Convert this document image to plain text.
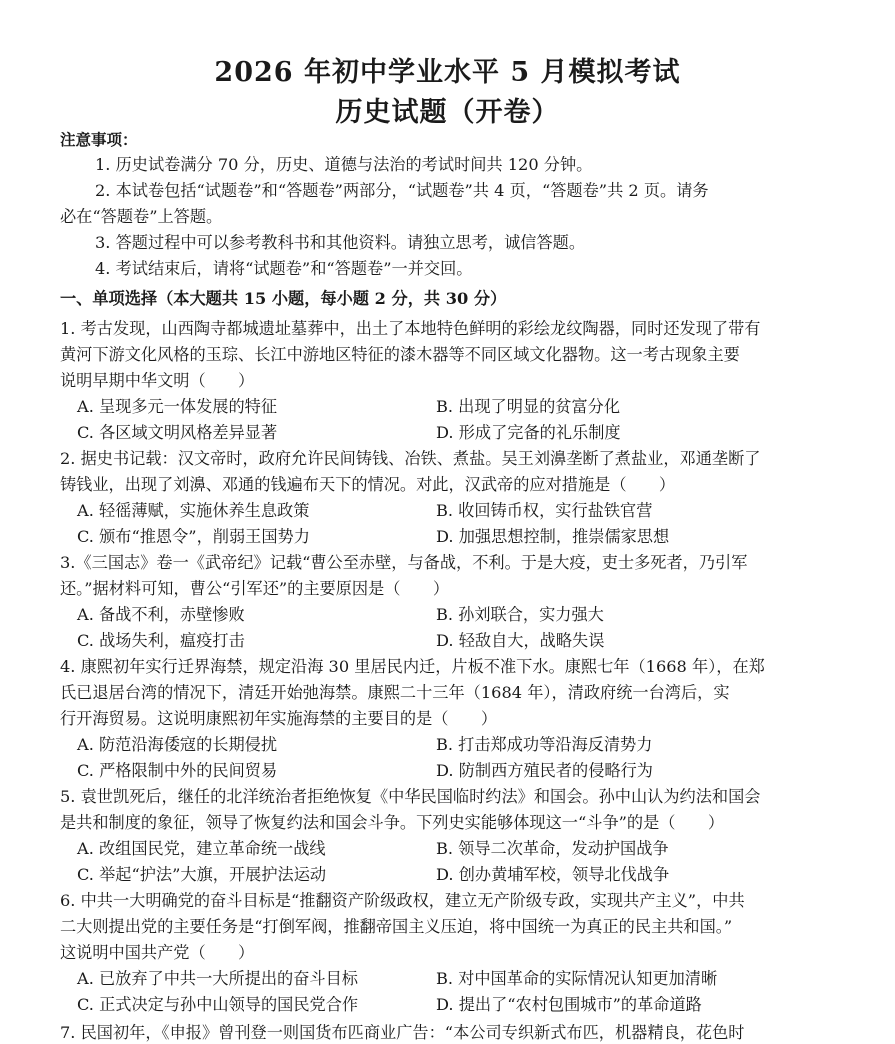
2026 年初中学业水平 5 月模拟考试
历史试题（开卷）
注意事项：
1. 历史试卷满分 70 分，历史、道德与法治的考试时间共 120 分钟。
2. 本试卷包括“试题卷”和“答题卷”两部分，“试题卷”共 4 页，“答题卷”共 2 页。请务
必在“答题卷”上答题。
3. 答题过程中可以参考教科书和其他资料。请独立思考，诚信答题。
4. 考试结束后，请将“试题卷”和“答题卷”一并交回。
一、单项选择（本大题共 15 小题，每小题 2 分，共 30 分）
1. 考古发现，山西陶寺都城遗址墓葬中，出土了本地特色鲜明的彩绘龙纹陶器，同时还发现了带有
黄河下游文化风格的玉琮、长江中游地区特征的漆木器等不同区域文化器物。这一考古现象主要
说明早期中华文明（　　）
A. 呈现多元一体发展的特征	B. 出现了明显的贫富分化
C. 各区域文明风格差异显著	D. 形成了完备的礼乐制度
2. 据史书记载：汉文帝时，政府允许民间铸钱、冶铁、煮盐。吴王刘濞垄断了煮盐业，邓通垄断了
铸钱业，出现了刘濞、邓通的钱遍布天下的情况。对此，汉武帝的应对措施是（　　）
A. 轻徭薄赋，实施休养生息政策	B. 收回铸币权，实行盐铁官营
C. 颁布“推恩令”，削弱王国势力	D. 加强思想控制，推崇儒家思想
3.《三国志》卷一《武帝纪》记载“曹公至赤壁，与备战，不利。于是大疫，吏士多死者，乃引军
还。”据材料可知，曹公“引军还”的主要原因是（　　）
A. 备战不利，赤壁惨败	B. 孙刘联合，实力强大
C. 战场失利，瘟疫打击	D. 轻敌自大，战略失误
4. 康熙初年实行迁界海禁，规定沿海 30 里居民内迁，片板不准下水。康熙七年（1668 年），在郑
氏已退居台湾的情况下，清廷开始弛海禁。康熙二十三年（1684 年），清政府统一台湾后，实
行开海贸易。这说明康熙初年实施海禁的主要目的是（　　）
A. 防范沿海倭寇的长期侵扰	B. 打击郑成功等沿海反清势力
C. 严格限制中外的民间贸易	D. 防制西方殖民者的侵略行为
5. 袁世凯死后，继任的北洋统治者拒绝恢复《中华民国临时约法》和国会。孙中山认为约法和国会
是共和制度的象征，领导了恢复约法和国会斗争。下列史实能够体现这一“斗争”的是（　　）
A. 改组国民党，建立革命统一战线	B. 领导二次革命，发动护国战争
C. 举起“护法”大旗，开展护法运动	D. 创办黄埔军校，领导北伐战争
6. 中共一大明确党的奋斗目标是“推翻资产阶级政权，建立无产阶级专政，实现共产主义”，中共
二大则提出党的主要任务是“打倒军阀，推翻帝国主义压迫，将中国统一为真正的民主共和国。”
这说明中国共产党（　　）
A. 已放弃了中共一大所提出的奋斗目标	B. 对中国革命的实际情况认知更加清晰
C. 正式决定与孙中山领导的国民党合作	D. 提出了“农村包围城市”的革命道路
7. 民国初年，《申报》曾刊登一则国货布匹商业广告：“本公司专织新式布匹，机器精良，花色时
